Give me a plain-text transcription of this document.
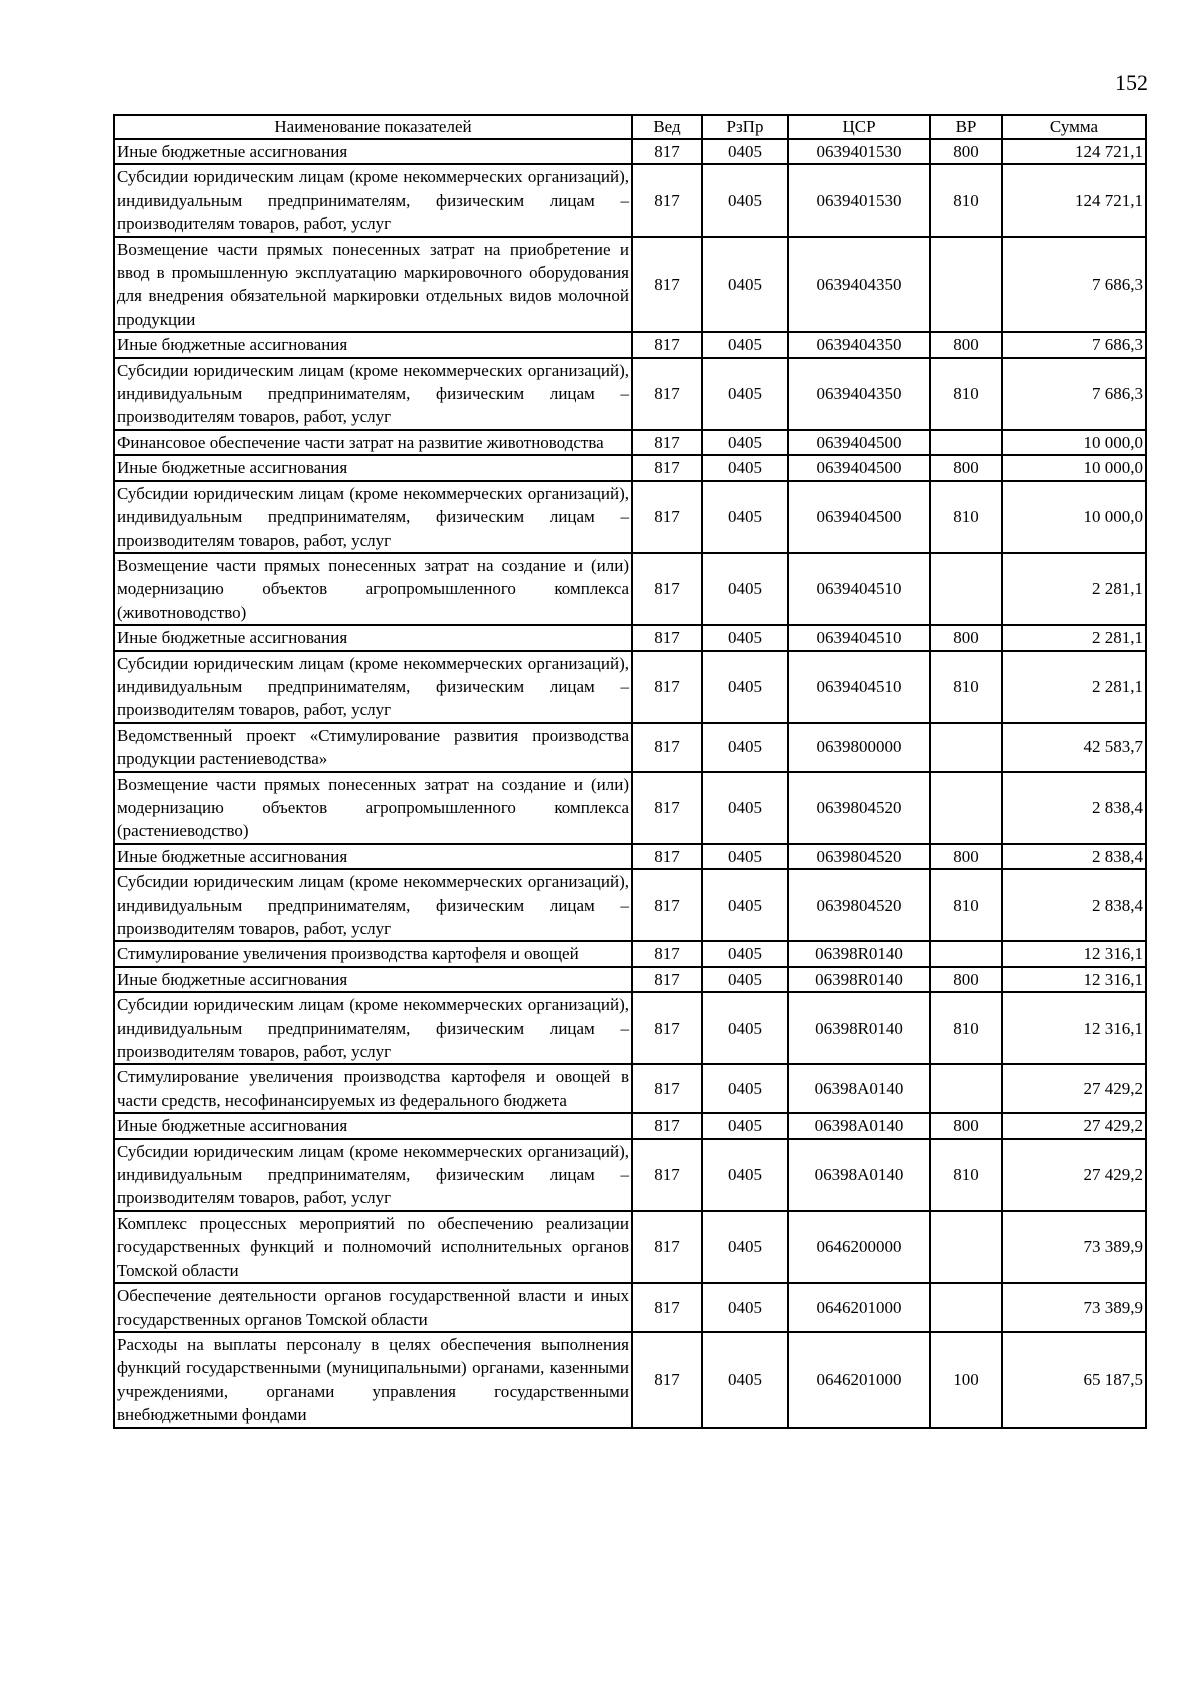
152
Наименование показателей	Вед	РзПр	ЦСР	ВР	Сумма
Иные бюджетные ассигнования	817	0405	0639401530	800	124 721,1
Субсидии юридическим лицам (кроме некоммерческих организаций), индивидуальным предпринимателям, физическим лицам – производителям товаров, работ, услуг	817	0405	0639401530	810	124 721,1
Возмещение части прямых понесенных затрат на приобретение и ввод в промышленную эксплуатацию маркировочного оборудования для внедрения обязательной маркировки отдельных видов молочной продукции	817	0405	0639404350		7 686,3
Иные бюджетные ассигнования	817	0405	0639404350	800	7 686,3
Субсидии юридическим лицам (кроме некоммерческих организаций), индивидуальным предпринимателям, физическим лицам – производителям товаров, работ, услуг	817	0405	0639404350	810	7 686,3
Финансовое обеспечение части затрат на развитие животноводства	817	0405	0639404500		10 000,0
Иные бюджетные ассигнования	817	0405	0639404500	800	10 000,0
Субсидии юридическим лицам (кроме некоммерческих организаций), индивидуальным предпринимателям, физическим лицам – производителям товаров, работ, услуг	817	0405	0639404500	810	10 000,0
Возмещение части прямых понесенных затрат на создание и (или) модернизацию объектов агропромышленного комплекса (животноводство)	817	0405	0639404510		2 281,1
Иные бюджетные ассигнования	817	0405	0639404510	800	2 281,1
Субсидии юридическим лицам (кроме некоммерческих организаций), индивидуальным предпринимателям, физическим лицам – производителям товаров, работ, услуг	817	0405	0639404510	810	2 281,1
Ведомственный проект «Стимулирование развития производства продукции растениеводства»	817	0405	0639800000		42 583,7
Возмещение части прямых понесенных затрат на создание и (или) модернизацию объектов агропромышленного комплекса (растениеводство)	817	0405	0639804520		2 838,4
Иные бюджетные ассигнования	817	0405	0639804520	800	2 838,4
Субсидии юридическим лицам (кроме некоммерческих организаций), индивидуальным предпринимателям, физическим лицам – производителям товаров, работ, услуг	817	0405	0639804520	810	2 838,4
Стимулирование увеличения производства картофеля и овощей	817	0405	06398R0140		12 316,1
Иные бюджетные ассигнования	817	0405	06398R0140	800	12 316,1
Субсидии юридическим лицам (кроме некоммерческих организаций), индивидуальным предпринимателям, физическим лицам – производителям товаров, работ, услуг	817	0405	06398R0140	810	12 316,1
Стимулирование увеличения производства картофеля и овощей в части средств, несофинансируемых из федерального бюджета	817	0405	06398A0140		27 429,2
Иные бюджетные ассигнования	817	0405	06398A0140	800	27 429,2
Субсидии юридическим лицам (кроме некоммерческих организаций), индивидуальным предпринимателям, физическим лицам – производителям товаров, работ, услуг	817	0405	06398A0140	810	27 429,2
Комплекс процессных мероприятий по обеспечению реализации государственных функций и полномочий исполнительных органов Томской области	817	0405	0646200000		73 389,9
Обеспечение деятельности органов государственной власти и иных государственных органов Томской области	817	0405	0646201000		73 389,9
Расходы на выплаты персоналу в целях обеспечения выполнения функций государственными (муниципальными) органами, казенными учреждениями, органами управления государственными внебюджетными фондами	817	0405	0646201000	100	65 187,5
